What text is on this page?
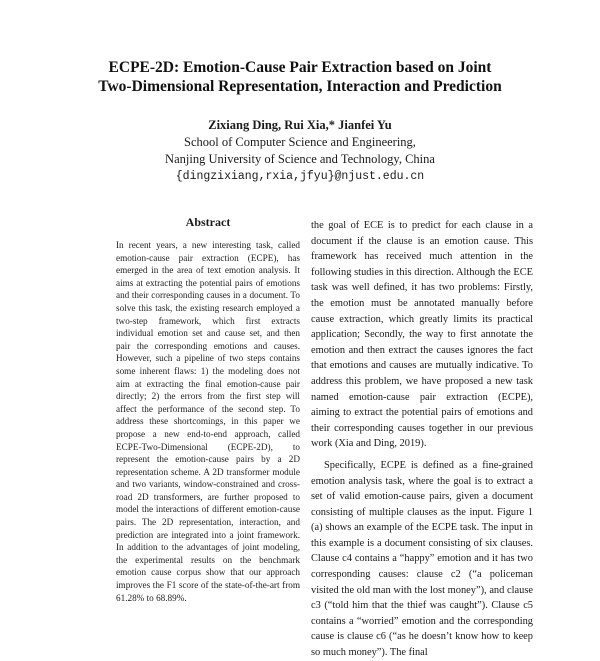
ECPE-2D: Emotion-Cause Pair Extraction based on Joint
Two-Dimensional Representation, Interaction and Prediction
Zixiang Ding, Rui Xia,* Jianfei Yu
School of Computer Science and Engineering,
Nanjing University of Science and Technology, China
{dingzixiang,rxia,jfyu}@njust.edu.cn
Abstract

In recent years, a new interesting task, called emotion-cause pair extraction (ECPE), has emerged in the area of text emotion analysis. It aims at extracting the potential pairs of emotions and their corresponding causes in a document. To solve this task, the existing research employed a two-step framework, which first extracts individual emotion set and cause set, and then pair the corresponding emotions and causes. However, such a pipeline of two steps contains some inherent flaws: 1) the modeling does not aim at extracting the final emotion-cause pair directly; 2) the errors from the first step will affect the performance of the second step. To address these shortcomings, in this paper we propose a new end-to-end approach, called ECPE-Two-Dimensional (ECPE-2D), to represent the emotion-cause pairs by a 2D representation scheme. A 2D transformer module and two variants, window-constrained and cross-road 2D transformers, are further proposed to model the interactions of different emotion-cause pairs. The 2D representation, interaction, and prediction are integrated into a joint framework. In addition to the advantages of joint modeling, the experimental results on the benchmark emotion cause corpus show that our approach improves the F1 score of the state-of-the-art from 61.28% to 68.89%.

the goal of ECE is to predict for each clause in a document if the clause is an emotion cause. This framework has received much attention in the following studies in this direction. Although the ECE task was well defined, it has two problems: Firstly, the emotion must be annotated manually before cause extraction, which greatly limits its practical application; Secondly, the way to first annotate the emotion and then extract the causes ignores the fact that emotions and causes are mutually indicative. To address this problem, we have proposed a new task named emotion-cause pair extraction (ECPE), aiming to extract the potential pairs of emotions and their corresponding causes together in our previous work (Xia and Ding, 2019).

Specifically, ECPE is defined as a fine-grained emotion analysis task, where the goal is to extract a set of valid emotion-cause pairs, given a document consisting of multiple clauses as the input. Figure 1 (a) shows an example of the ECPE task. The input in this example is a document consisting of six clauses. Clause c4 contains a “happy” emotion and it has two corresponding causes: clause c2 (“a policeman visited the old man with the lost money”), and clause c3 (“told him that the thief was caught”). Clause c5 contains a “worried” emotion and the corresponding cause is clause c6 (“as he doesn’t know how to keep so much money”). The final
